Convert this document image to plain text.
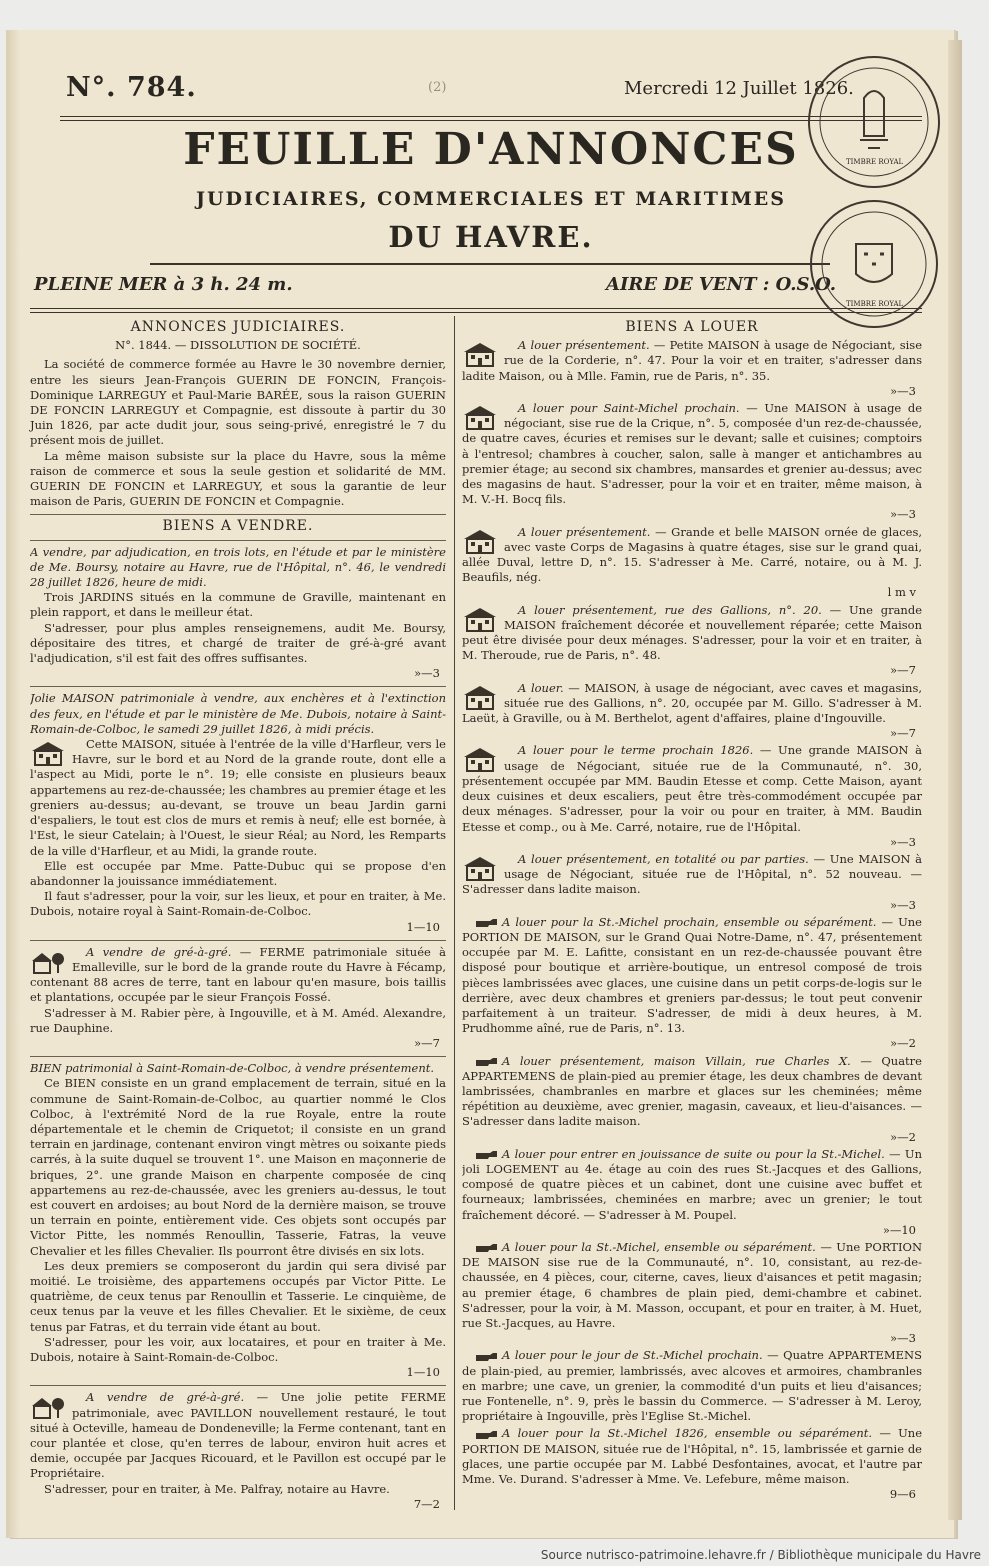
N°. 784.	(2)	Mercredi 12 Juillet 1826.
FEUILLE D'ANNONCES
JUDICIAIRES, COMMERCIALES ET MARITIMES
DU HAVRE.
PLEINE MER à 3 h. 24 m.	AIRE DE VENT : O.S.O.
TIMBRE ROYAL
TIMBRE ROYAL
ANNONCES JUDICIAIRES.
N°. 1844. — DISSOLUTION DE SOCIÉTÉ.

La société de commerce formée au Havre le 30 novembre dernier, entre les sieurs Jean-François GUERIN DE FONCIN, François-Dominique LARREGUY et Paul-Marie BARÉE, sous la raison GUERIN DE FONCIN LARREGUY et Compagnie, est dissoute à partir du 30 Juin 1826, par acte dudit jour, sous seing-privé, enregistré le 7 du présent mois de juillet.

La même maison subsiste sur la place du Havre, sous la même raison de commerce et sous la seule gestion et solidarité de MM. GUERIN DE FONCIN et LARREGUY, et sous la garantie de leur maison de Paris, GUERIN DE FONCIN et Compagnie.

BIENS A VENDRE.

A vendre, par adjudication, en trois lots, en l'étude et par le ministère de Me. Boursy, notaire au Havre, rue de l'Hôpital, n°. 46, le vendredi 28 juillet 1826, heure de midi.

Trois JARDINS situés en la commune de Graville, maintenant en plein rapport, et dans le meilleur état.

S'adresser, pour plus amples renseignemens, audit Me. Boursy, dépositaire des titres, et chargé de traiter de gré-à-gré avant l'adjudication, s'il est fait des offres suffisantes.

»—3

Jolie MAISON patrimoniale à vendre, aux enchères et à l'extinction des feux, en l'étude et par le ministère de Me. Dubois, notaire à Saint-Romain-de-Colboc, le samedi 29 juillet 1826, à midi précis.

Cette MAISON, située à l'entrée de la ville d'Harfleur, vers le Havre, sur le bord et au Nord de la grande route, dont elle a l'aspect au Midi, porte le n°. 19; elle consiste en plusieurs beaux appartemens au rez-de-chaussée; les chambres au premier étage et les greniers au-dessus; au-devant, se trouve un beau Jardin garni d'espaliers, le tout est clos de murs et remis à neuf; elle est bornée, à l'Est, le sieur Catelain; à l'Ouest, le sieur Réal; au Nord, les Remparts de la ville d'Harfleur, et au Midi, la grande route.

Elle est occupée par Mme. Patte-Dubuc qui se propose d'en abandonner la jouissance immédiatement.

Il faut s'adresser, pour la voir, sur les lieux, et pour en traiter, à Me. Dubois, notaire royal à Saint-Romain-de-Colboc.

1—10

A vendre de gré-à-gré. — FERME patrimoniale située à Emalleville, sur le bord de la grande route du Havre à Fécamp, contenant 88 acres de terre, tant en labour qu'en masure, bois taillis et plantations, occupée par le sieur François Fossé.

S'adresser à M. Rabier père, à Ingouville, et à M. Améd. Alexandre, rue Dauphine.

»—7

BIEN patrimonial à Saint-Romain-de-Colboc, à vendre présentement.

Ce BIEN consiste en un grand emplacement de terrain, situé en la commune de Saint-Romain-de-Colboc, au quartier nommé le Clos Colboc, à l'extrémité Nord de la rue Royale, entre la route départementale et le chemin de Criquetot; il consiste en un grand terrain en jardinage, contenant environ vingt mètres ou soixante pieds carrés, à la suite duquel se trouvent 1°. une Maison en maçonnerie de briques, 2°. une grande Maison en charpente composée de cinq appartemens au rez-de-chaussée, avec les greniers au-dessus, le tout est couvert en ardoises; au bout Nord de la dernière maison, se trouve un terrain en pointe, entièrement vide. Ces objets sont occupés par Victor Pitte, les nommés Renoullin, Tasserie, Fatras, la veuve Chevalier et les filles Chevalier. Ils pourront être divisés en six lots.

Les deux premiers se composeront du jardin qui sera divisé par moitié. Le troisième, des appartemens occupés par Victor Pitte. Le quatrième, de ceux tenus par Renoullin et Tasserie. Le cinquième, de ceux tenus par la veuve et les filles Chevalier. Et le sixième, de ceux tenus par Fatras, et du terrain vide étant au bout.

S'adresser, pour les voir, aux locataires, et pour en traiter à Me. Dubois, notaire à Saint-Romain-de-Colboc.

1—10

A vendre de gré-à-gré. — Une jolie petite FERME patrimoniale, avec PAVILLON nouvellement restauré, le tout situé à Octeville, hameau de Dondeneville; la Ferme contenant, tant en cour plantée et close, qu'en terres de labour, environ huit acres et demie, occupée par Jacques Ricouard, et le Pavillon est occupé par le Propriétaire.

S'adresser, pour en traiter, à Me. Palfray, notaire au Havre.

7—2
BIENS A LOUER

A louer présentement. — Petite MAISON à usage de Négociant, sise rue de la Corderie, n°. 47. Pour la voir et en traiter, s'adresser dans ladite Maison, ou à Mlle. Famin, rue de Paris, n°. 35.

»—3

A louer pour Saint-Michel prochain. — Une MAISON à usage de négociant, sise rue de la Crique, n°. 5, composée d'un rez-de-chaussée, de quatre caves, écuries et remises sur le devant; salle et cuisines; comptoirs à l'entresol; chambres à coucher, salon, salle à manger et antichambres au premier étage; au second six chambres, mansardes et grenier au-dessus; avec des magasins de haut. S'adresser, pour la voir et en traiter, même maison, à M. V.-H. Bocq fils.

»—3

A louer présentement. — Grande et belle MAISON ornée de glaces, avec vaste Corps de Magasins à quatre étages, sise sur le grand quai, allée Duval, lettre D, n°. 15. S'adresser à Me. Carré, notaire, ou à M. J. Beaufils, nég.

l m v

A louer présentement, rue des Gallions, n°. 20. — Une grande MAISON fraîchement décorée et nouvellement réparée; cette Maison peut être divisée pour deux ménages. S'adresser, pour la voir et en traiter, à M. Theroude, rue de Paris, n°. 48.

»—7

A louer. — MAISON, à usage de négociant, avec caves et magasins, située rue des Gallions, n°. 20, occupée par M. Gillo. S'adresser à M. Laeüt, à Graville, ou à M. Berthelot, agent d'affaires, plaine d'Ingouville.

»—7

A louer pour le terme prochain 1826. — Une grande MAISON à usage de Négociant, située rue de la Communauté, n°. 30, présentement occupée par MM. Baudin Etesse et comp. Cette Maison, ayant deux cuisines et deux escaliers, peut être très-commodément occupée par deux ménages. S'adresser, pour la voir ou pour en traiter, à MM. Baudin Etesse et comp., ou à Me. Carré, notaire, rue de l'Hôpital.

»—3

A louer présentement, en totalité ou par parties. — Une MAISON à usage de Négociant, située rue de l'Hôpital, n°. 52 nouveau. — S'adresser dans ladite maison.

»—3

A louer pour la St.-Michel prochain, ensemble ou séparément. — Une PORTION DE MAISON, sur le Grand Quai Notre-Dame, n°. 47, présentement occupée par M. E. Lafitte, consistant en un rez-de-chaussée pouvant être disposé pour boutique et arrière-boutique, un entresol composé de trois pièces lambrissées avec glaces, une cuisine dans un petit corps-de-logis sur le derrière, avec deux chambres et greniers par-dessus; le tout peut convenir parfaitement à un traiteur. S'adresser, de midi à deux heures, à M. Prudhomme aîné, rue de Paris, n°. 13.

»—2

A louer présentement, maison Villain, rue Charles X. — Quatre APPARTEMENS de plain-pied au premier étage, les deux chambres de devant lambrissées, chambranles en marbre et glaces sur les cheminées; même répétition au deuxième, avec grenier, magasin, caveaux, et lieu-d'aisances. — S'adresser dans ladite maison.

»—2

A louer pour entrer en jouissance de suite ou pour la St.-Michel. — Un joli LOGEMENT au 4e. étage au coin des rues St.-Jacques et des Gallions, composé de quatre pièces et un cabinet, dont une cuisine avec buffet et fourneaux; lambrissées, cheminées en marbre; avec un grenier; le tout fraîchement décoré. — S'adresser à M. Poupel.

»—10

A louer pour la St.-Michel, ensemble ou séparément. — Une PORTION DE MAISON sise rue de la Communauté, n°. 10, consistant, au rez-de-chaussée, en 4 pièces, cour, citerne, caves, lieux d'aisances et petit magasin; au premier étage, 6 chambres de plain pied, demi-chambre et cabinet. S'adresser, pour la voir, à M. Masson, occupant, et pour en traiter, à M. Huet, rue St.-Jacques, au Havre.

»—3

A louer pour le jour de St.-Michel prochain. — Quatre APPARTEMENS de plain-pied, au premier, lambrissés, avec alcoves et armoires, chambranles en marbre; une cave, un grenier, la commodité d'un puits et lieu d'aisances; rue Fontenelle, n°. 9, près le bassin du Commerce. — S'adresser à M. Leroy, propriétaire à Ingouville, près l'Eglise St.-Michel.

A louer pour la St.-Michel 1826, ensemble ou séparément. — Une PORTION DE MAISON, située rue de l'Hôpital, n°. 15, lambrissée et garnie de glaces, une partie occupée par M. Labbé Desfontaines, avocat, et l'autre par Mme. Ve. Durand. S'adresser à Mme. Ve. Lefebure, même maison.

9—6
Source nutrisco-patrimoine.lehavre.fr / Bibliothèque municipale du Havre
